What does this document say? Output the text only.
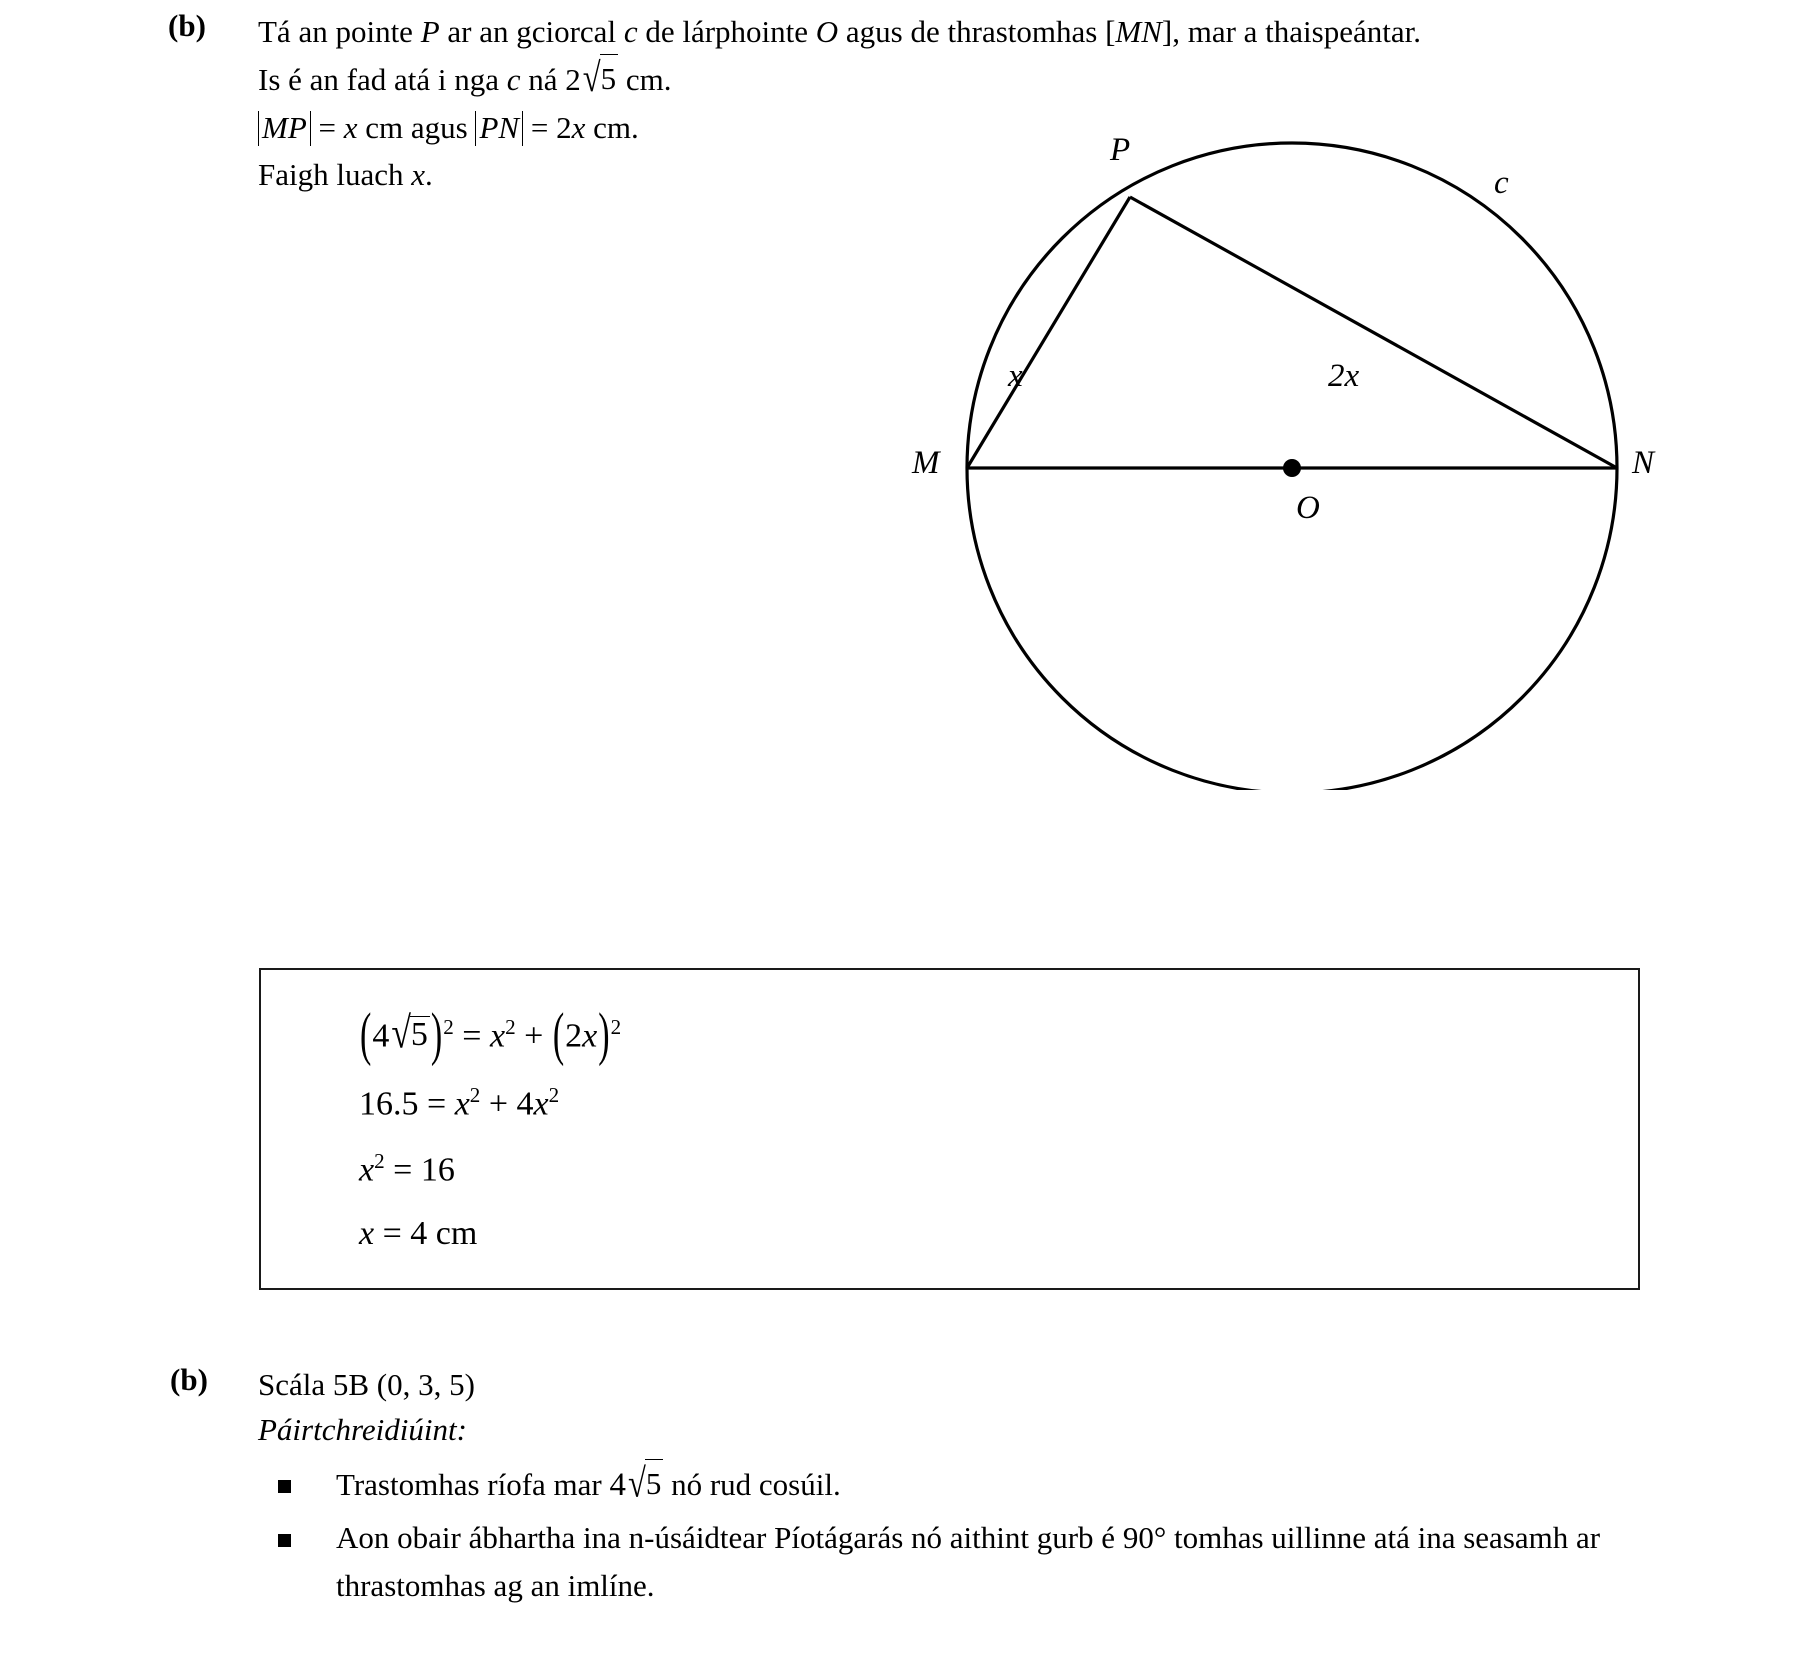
(b) Tá an pointe P ar an gciorcal c de lárphointe O agus de thrastomhas [MN], mar a thaispeántar.
Is é an fad atá i nga c ná 2√5 cm.
MP = x cm agus PN = 2x cm.
Faigh luach x.
P
c
M	N
O
x	2x
$(4√5)^2 = x^2 + (2x)^2$
$16.5 = x^2 + 4x^2$
$x^2 = 16$
x = 4 cm
(b) Scála 5B (0, 3, 5)
Páirtchreidiúint:
Trastomhas ríofa mar 4√5 nó rud cosúil.
Aon obair ábhartha ina n-úsáidtear Píotágarás nó aithint gurb é 90° tomhas uillinne atá ina seasamh ar thrastomhas ag an imlíne.
